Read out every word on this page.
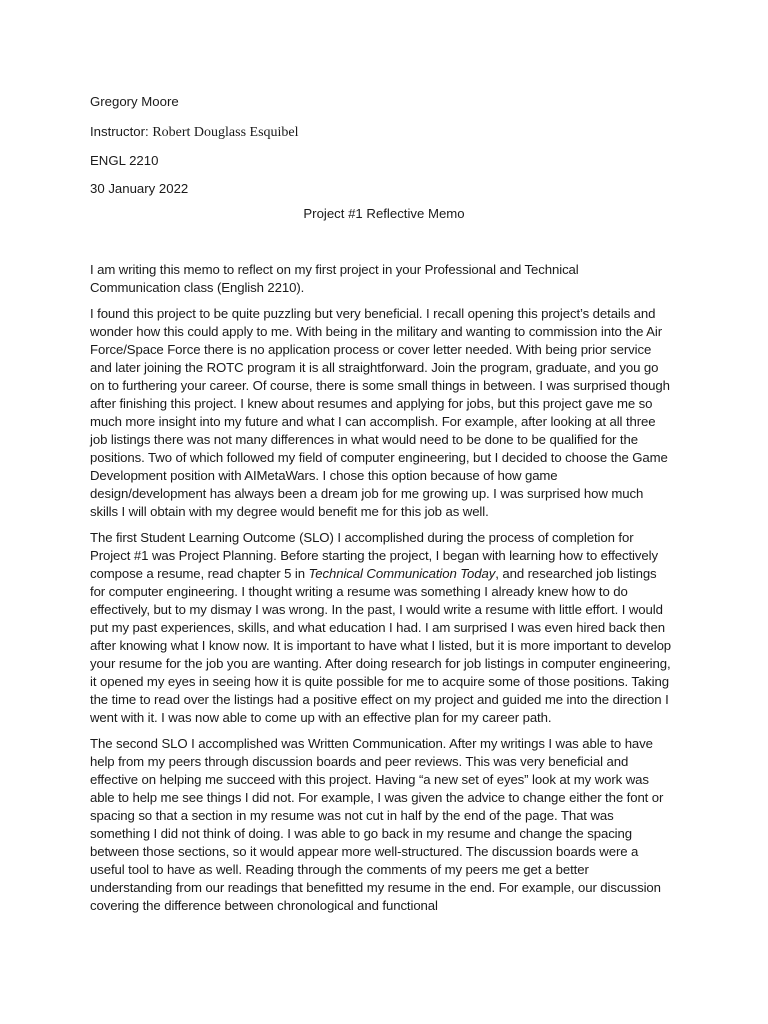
Gregory Moore
Instructor: Robert Douglass Esquibel
ENGL 2210
30 January 2022
Project #1 Reflective Memo

I am writing this memo to reflect on my first project in your Professional and Technical Communication class (English 2210).

I found this project to be quite puzzling but very beneficial. I recall opening this project’s details and wonder how this could apply to me. With being in the military and wanting to commission into the Air Force/Space Force there is no application process or cover letter needed. With being prior service and later joining the ROTC program it is all straightforward. Join the program, graduate, and you go on to furthering your career. Of course, there is some small things in between. I was surprised though after finishing this project. I knew about resumes and applying for jobs, but this project gave me so much more insight into my future and what I can accomplish. For example, after looking at all three job listings there was not many differences in what would need to be done to be qualified for the positions. Two of which followed my field of computer engineering, but I decided to choose the Game Development position with AIMetaWars. I chose this option because of how game design/development has always been a dream job for me growing up. I was surprised how much skills I will obtain with my degree would benefit me for this job as well.

The first Student Learning Outcome (SLO) I accomplished during the process of completion for Project #1 was Project Planning. Before starting the project, I began with learning how to effectively compose a resume, read chapter 5 in Technical Communication Today, and researched job listings for computer engineering. I thought writing a resume was something I already knew how to do effectively, but to my dismay I was wrong. In the past, I would write a resume with little effort. I would put my past experiences, skills, and what education I had. I am surprised I was even hired back then after knowing what I know now. It is important to have what I listed, but it is more important to develop your resume for the job you are wanting. After doing research for job listings in computer engineering, it opened my eyes in seeing how it is quite possible for me to acquire some of those positions. Taking the time to read over the listings had a positive effect on my project and guided me into the direction I went with it. I was now able to come up with an effective plan for my career path.

The second SLO I accomplished was Written Communication. After my writings I was able to have help from my peers through discussion boards and peer reviews. This was very beneficial and effective on helping me succeed with this project. Having “a new set of eyes” look at my work was able to help me see things I did not. For example, I was given the advice to change either the font or spacing so that a section in my resume was not cut in half by the end of the page. That was something I did not think of doing. I was able to go back in my resume and change the spacing between those sections, so it would appear more well-structured. The discussion boards were a useful tool to have as well. Reading through the comments of my peers me get a better understanding from our readings that benefitted my resume in the end. For example, our discussion covering the difference between chronological and functional
